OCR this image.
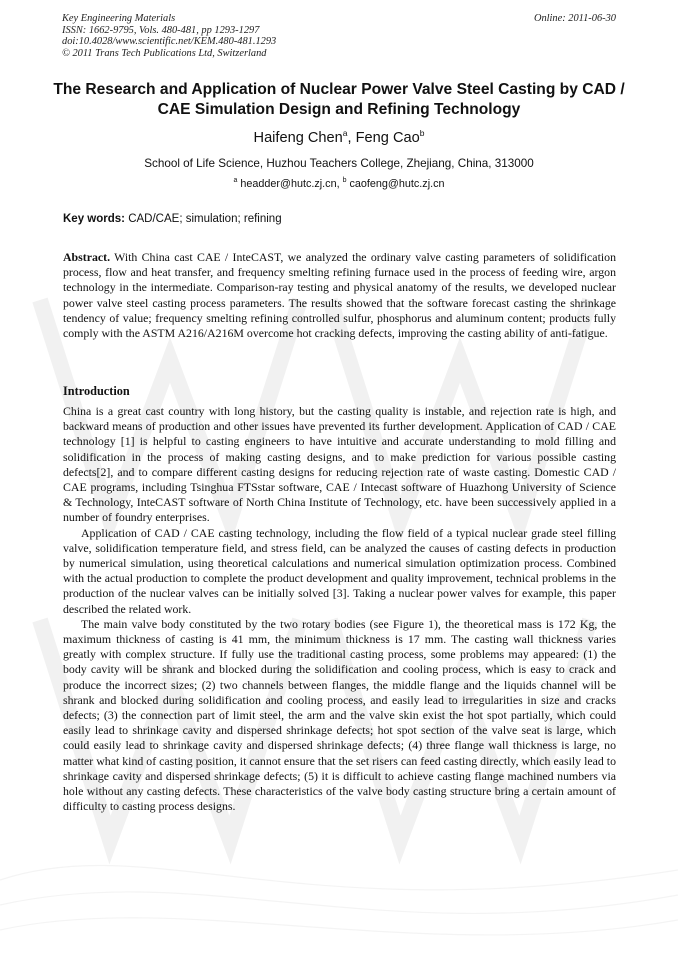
Key Engineering Materials
ISSN: 1662-9795, Vols. 480-481, pp 1293-1297
doi:10.4028/www.scientific.net/KEM.480-481.1293
© 2011 Trans Tech Publications Ltd, Switzerland
Online: 2011-06-30
The Research and Application of Nuclear Power Valve Steel Casting by CAD / CAE Simulation Design and Refining Technology
Haifeng Chen$^a$, Feng Cao$^b$
School of Life Science, Huzhou Teachers College, Zhejiang, China, 313000
$^a$ headder@hutc.zj.cn, $^b$ caofeng@hutc.zj.cn
Key words: CAD/CAE; simulation; refining

Abstract. With China cast CAE / InteCAST, we analyzed the ordinary valve casting parameters of solidification process, flow and heat transfer, and frequency smelting refining furnace used in the process of feeding wire, argon technology in the intermediate. Comparison-ray testing and physical anatomy of the results, we developed nuclear power valve steel casting process parameters. The results showed that the software forecast casting the shrinkage tendency of value; frequency smelting refining controlled sulfur, phosphorus and aluminum content; products fully comply with the ASTM A216/A216M overcome hot cracking defects, improving the casting ability of anti-fatigue.

Introduction

China is a great cast country with long history, but the casting quality is instable, and rejection rate is high, and backward means of production and other issues have prevented its further development. Application of CAD / CAE technology [1] is helpful to casting engineers to have intuitive and accurate understanding to mold filling and solidification in the process of making casting designs, and to make prediction for various possible casting defects[2], and to compare different casting designs for reducing rejection rate of waste casting. Domestic CAD / CAE programs, including Tsinghua FTSstar software, CAE / Intecast software of Huazhong University of Science & Technology, InteCAST software of North China Institute of Technology, etc. have been successively applied in a number of foundry enterprises.

Application of CAD / CAE casting technology, including the flow field of a typical nuclear grade steel filling valve, solidification temperature field, and stress field, can be analyzed the causes of casting defects in production by numerical simulation, using theoretical calculations and numerical simulation optimization process. Combined with the actual production to complete the product development and quality improvement, technical problems in the production of the nuclear valves can be initially solved [3]. Taking a nuclear power valves for example, this paper described the related work.

The main valve body constituted by the two rotary bodies (see Figure 1), the theoretical mass is 172 Kg, the maximum thickness of casting is 41 mm, the minimum thickness is 17 mm. The casting wall thickness varies greatly with complex structure. If fully use the traditional casting process, some problems may appeared: (1) the body cavity will be shrank and blocked during the solidification and cooling process, which is easy to crack and produce the incorrect sizes; (2) two channels between flanges, the middle flange and the liquids channel will be shrank and blocked during solidification and cooling process, and easily lead to irregularities in size and cracks defects; (3) the connection part of limit steel, the arm and the valve skin exist the hot spot partially, which could easily lead to shrinkage cavity and dispersed shrinkage defects; hot spot section of the valve seat is large, which could easily lead to shrinkage cavity and dispersed shrinkage defects; (4) three flange wall thickness is large, no matter what kind of casting position, it cannot ensure that the set risers can feed casting directly, which easily lead to shrinkage cavity and dispersed shrinkage defects; (5) it is difficult to achieve casting flange machined numbers via hole without any casting defects. These characteristics of the valve body casting structure bring a certain amount of difficulty to casting process designs.
